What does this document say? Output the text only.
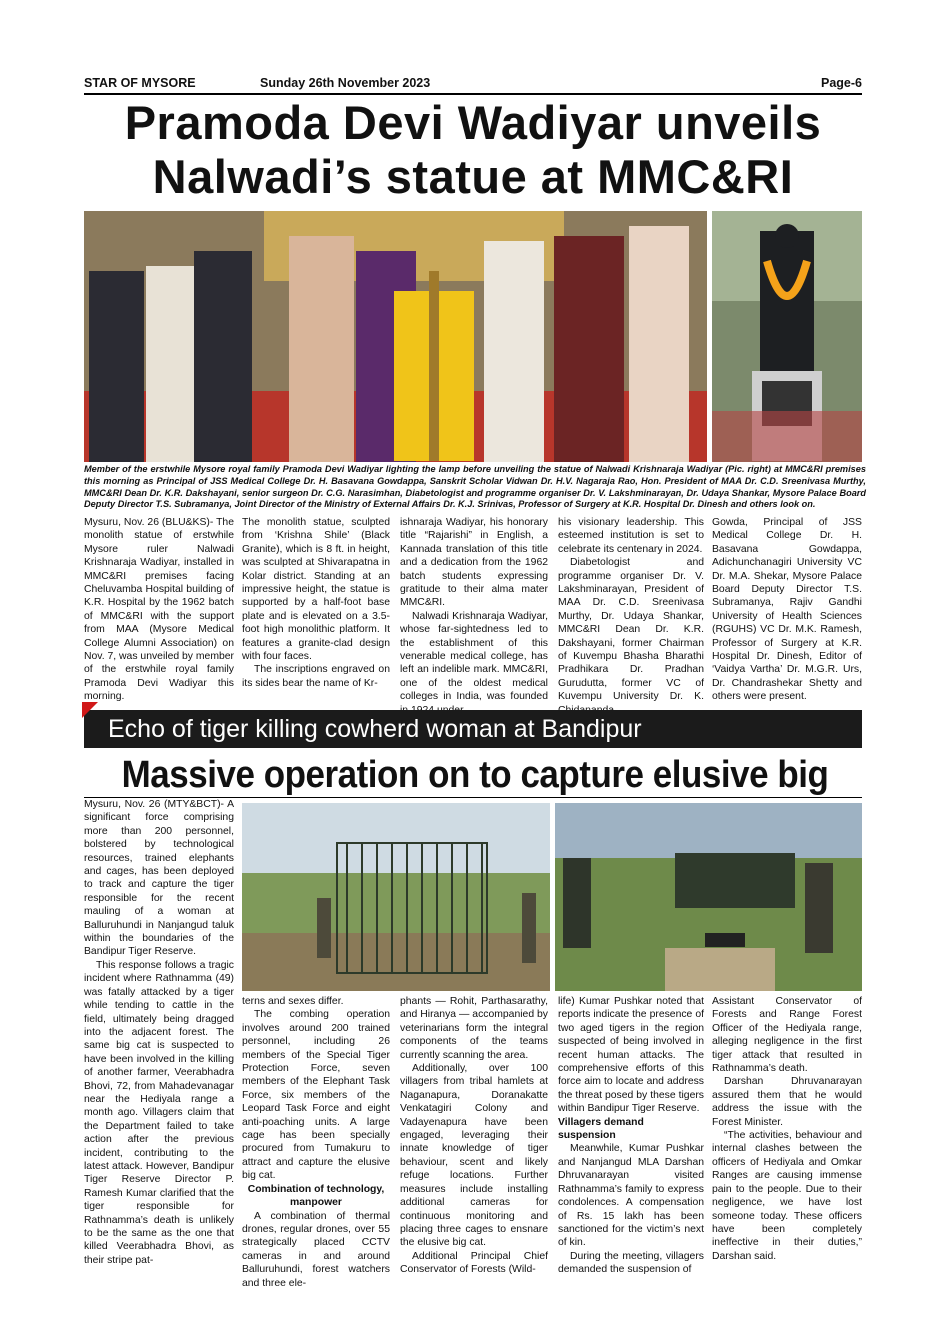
STAR OF MYSORE	Sunday 26th November 2023	Page-6
Pramoda Devi Wadiyar unveils
Nalwadi’s statue at MMC&RI
Member of the erstwhile Mysore royal family Pramoda Devi Wadiyar lighting the lamp before unveiling the statue of Nalwadi Krishnaraja Wadiyar (Pic. right) at MMC&RI premises this morning as Principal of JSS Medical College Dr. H. Basavana Gowdappa, Sanskrit Scholar Vidwan Dr. H.V. Nagaraja Rao, Hon. President of MAA Dr. C.D. Sreenivasa Murthy, MMC&RI Dean Dr. K.R. Dakshayani, senior surgeon Dr. C.G. Narasimhan, Diabetologist and programme organiser Dr. V. Lakshminarayan, Dr. Udaya Shankar, Mysore Palace Board Deputy Director T.S. Subramanya, Joint Director of the Ministry of External Affairs Dr. K.J. Srinivas, Professor of Surgery at K.R. Hospital Dr. Dinesh and others look on.

Mysuru, Nov. 26 (BLU&KS)- The monolith statue of erstwhile Mysore ruler Nalwadi Krishnaraja Wadiyar, installed in MMC&RI premises facing Cheluvamba Hospital building of K.R. Hospital by the 1962 batch of MMC&RI with the support from MAA (Mysore Medical College Alumni Association) on Nov. 7, was unveiled by member of the erstwhile royal family Pramoda Devi Wadiyar this morning.

The monolith statue, sculpted from ‘Krishna Shile’ (Black Granite), which is 8 ft. in height, was sculpted at Shivarapatna in Kolar district. Standing at an impressive height, the statue is supported by a half-foot base plate and is elevated on a 3.5-foot high monolithic platform. It features a granite-clad design with four faces.

The inscriptions engraved on its sides bear the name of Kr-

ishnaraja Wadiyar, his honorary title “Rajarishi” in English, a Kannada translation of this title and a dedication from the 1962 batch students expressing gratitude to their alma mater MMC&RI.

Nalwadi Krishnaraja Wadiyar, whose far-sightedness led to the establishment of this venerable medical college, has left an indelible mark. MMC&RI, one of the oldest medical colleges in India, was founded

his visionary leadership. This esteemed institution is set to celebrate its centenary in 2024.

Diabetologist and programme organiser Dr. V. Lakshminarayan, President of MAA Dr. C.D. Sreenivasa Murthy, Dr. Udaya Shankar, MMC&RI Dean Dr. K.R. Dakshayani, former Chairman of Kuvempu Bhasha Bharathi Pradhikara Dr. Pradhan Gurudutta, former VC of Kuvempu University Dr. K.

Gowda, Principal of JSS Medical College Dr. H. Basavana Gowdappa, Adichunchanagiri University VC Dr. M.A. Shekar, Mysore Palace Board Deputy Director T.S. Subramanya, Rajiv Gandhi University of Health Sciences (RGUHS) VC Dr. M.K. Ramesh, Professor of Surgery at K.R. Hospital Dr. Dinesh, Editor of ‘Vaidya Vartha’ Dr. M.G.R. Urs, Dr. Chandrashekar Shetty and others were present.

Echo of tiger killing cowherd woman at Bandipur
Massive operation on to capture elusive big

Mysuru, Nov. 26 (MTY&BCT)- A significant force comprising more than 200 personnel, bolstered by technological resources, trained elephants and cages, has been deployed to track and capture the tiger responsible for the recent mauling of a woman at Balluruhundi in Nanjangud taluk within the boundaries of the Bandipur Tiger Reserve.

This response follows a tragic incident where Rathnamma (49) was fatally attacked by a tiger while tending to cattle in the field, ultimately being dragged into the adjacent forest. The same big cat is suspected to have been involved in the killing of another farmer, Veerabhadra Bhovi, 72, from Mahadevanagar near the Hediyala range a month ago. Villagers claim that the Department failed to take action after the previous incident, contributing to the latest attack. However, Bandipur Tiger Reserve Director P. Ramesh Kumar clarified that the tiger responsible for Rathnamma’s death is unlikely to be the same as the one that killed Veerabhadra Bhovi, as their stripe pat-

terns and sexes differ.

The combing operation involves around 200 trained personnel, including 26 members of the Special Tiger Protection Force, seven members of the Elephant Task Force, six members of the Leopard Task Force and eight anti-poaching units. A large cage has been specially procured from Tumakuru to attract and capture the elusive big cat.

Combination of technology, manpower

A combination of thermal drones, regular drones, over 55 strategically placed CCTV cameras in and around Balluruhundi, forest watchers and three ele-

phants — Rohit, Parthasarathy, and Hiranya — accompanied by veterinarians form the integral components of the teams currently scanning the area.

Additionally, over 100 villagers from tribal hamlets at Naganapura, Doranakatte Venkatagiri Colony and Vadayenapura have been engaged, leveraging their innate knowledge of tiger behaviour, scent and likely refuge locations. Further measures include installing additional cameras for continuous monitoring and placing three cages to ensnare the elusive big cat.

Additional Principal Chief Conservator of Forests (Wild-

life) Kumar Pushkar noted that reports indicate the presence of two aged tigers in the region suspected of being involved in recent human attacks. The comprehensive efforts of this force aim to locate and address the threat posed by these tigers within Bandipur Tiger Reserve.

Villagers demand suspension

Meanwhile, Kumar Pushkar and Nanjangud MLA Darshan Dhruvanarayan visited Rathnamma’s family to express condolences. A compensation of Rs. 15 lakh has been sanctioned for the victim’s next of kin.

During the meeting, villagers demanded the suspension of

Assistant Conservator of Forests and Range Forest Officer of the Hediyala range, alleging negligence in the first tiger attack that resulted in Rathnamma’s death.

Darshan Dhruvanarayan assured them that he would address the issue with the Forest Minister.

“The activities, behaviour and internal clashes between the officers of Hediyala and Omkar Ranges are causing immense pain to the people. Due to their negligence, we have lost someone today. These officers have been completely ineffective in their duties,” Darshan said.
